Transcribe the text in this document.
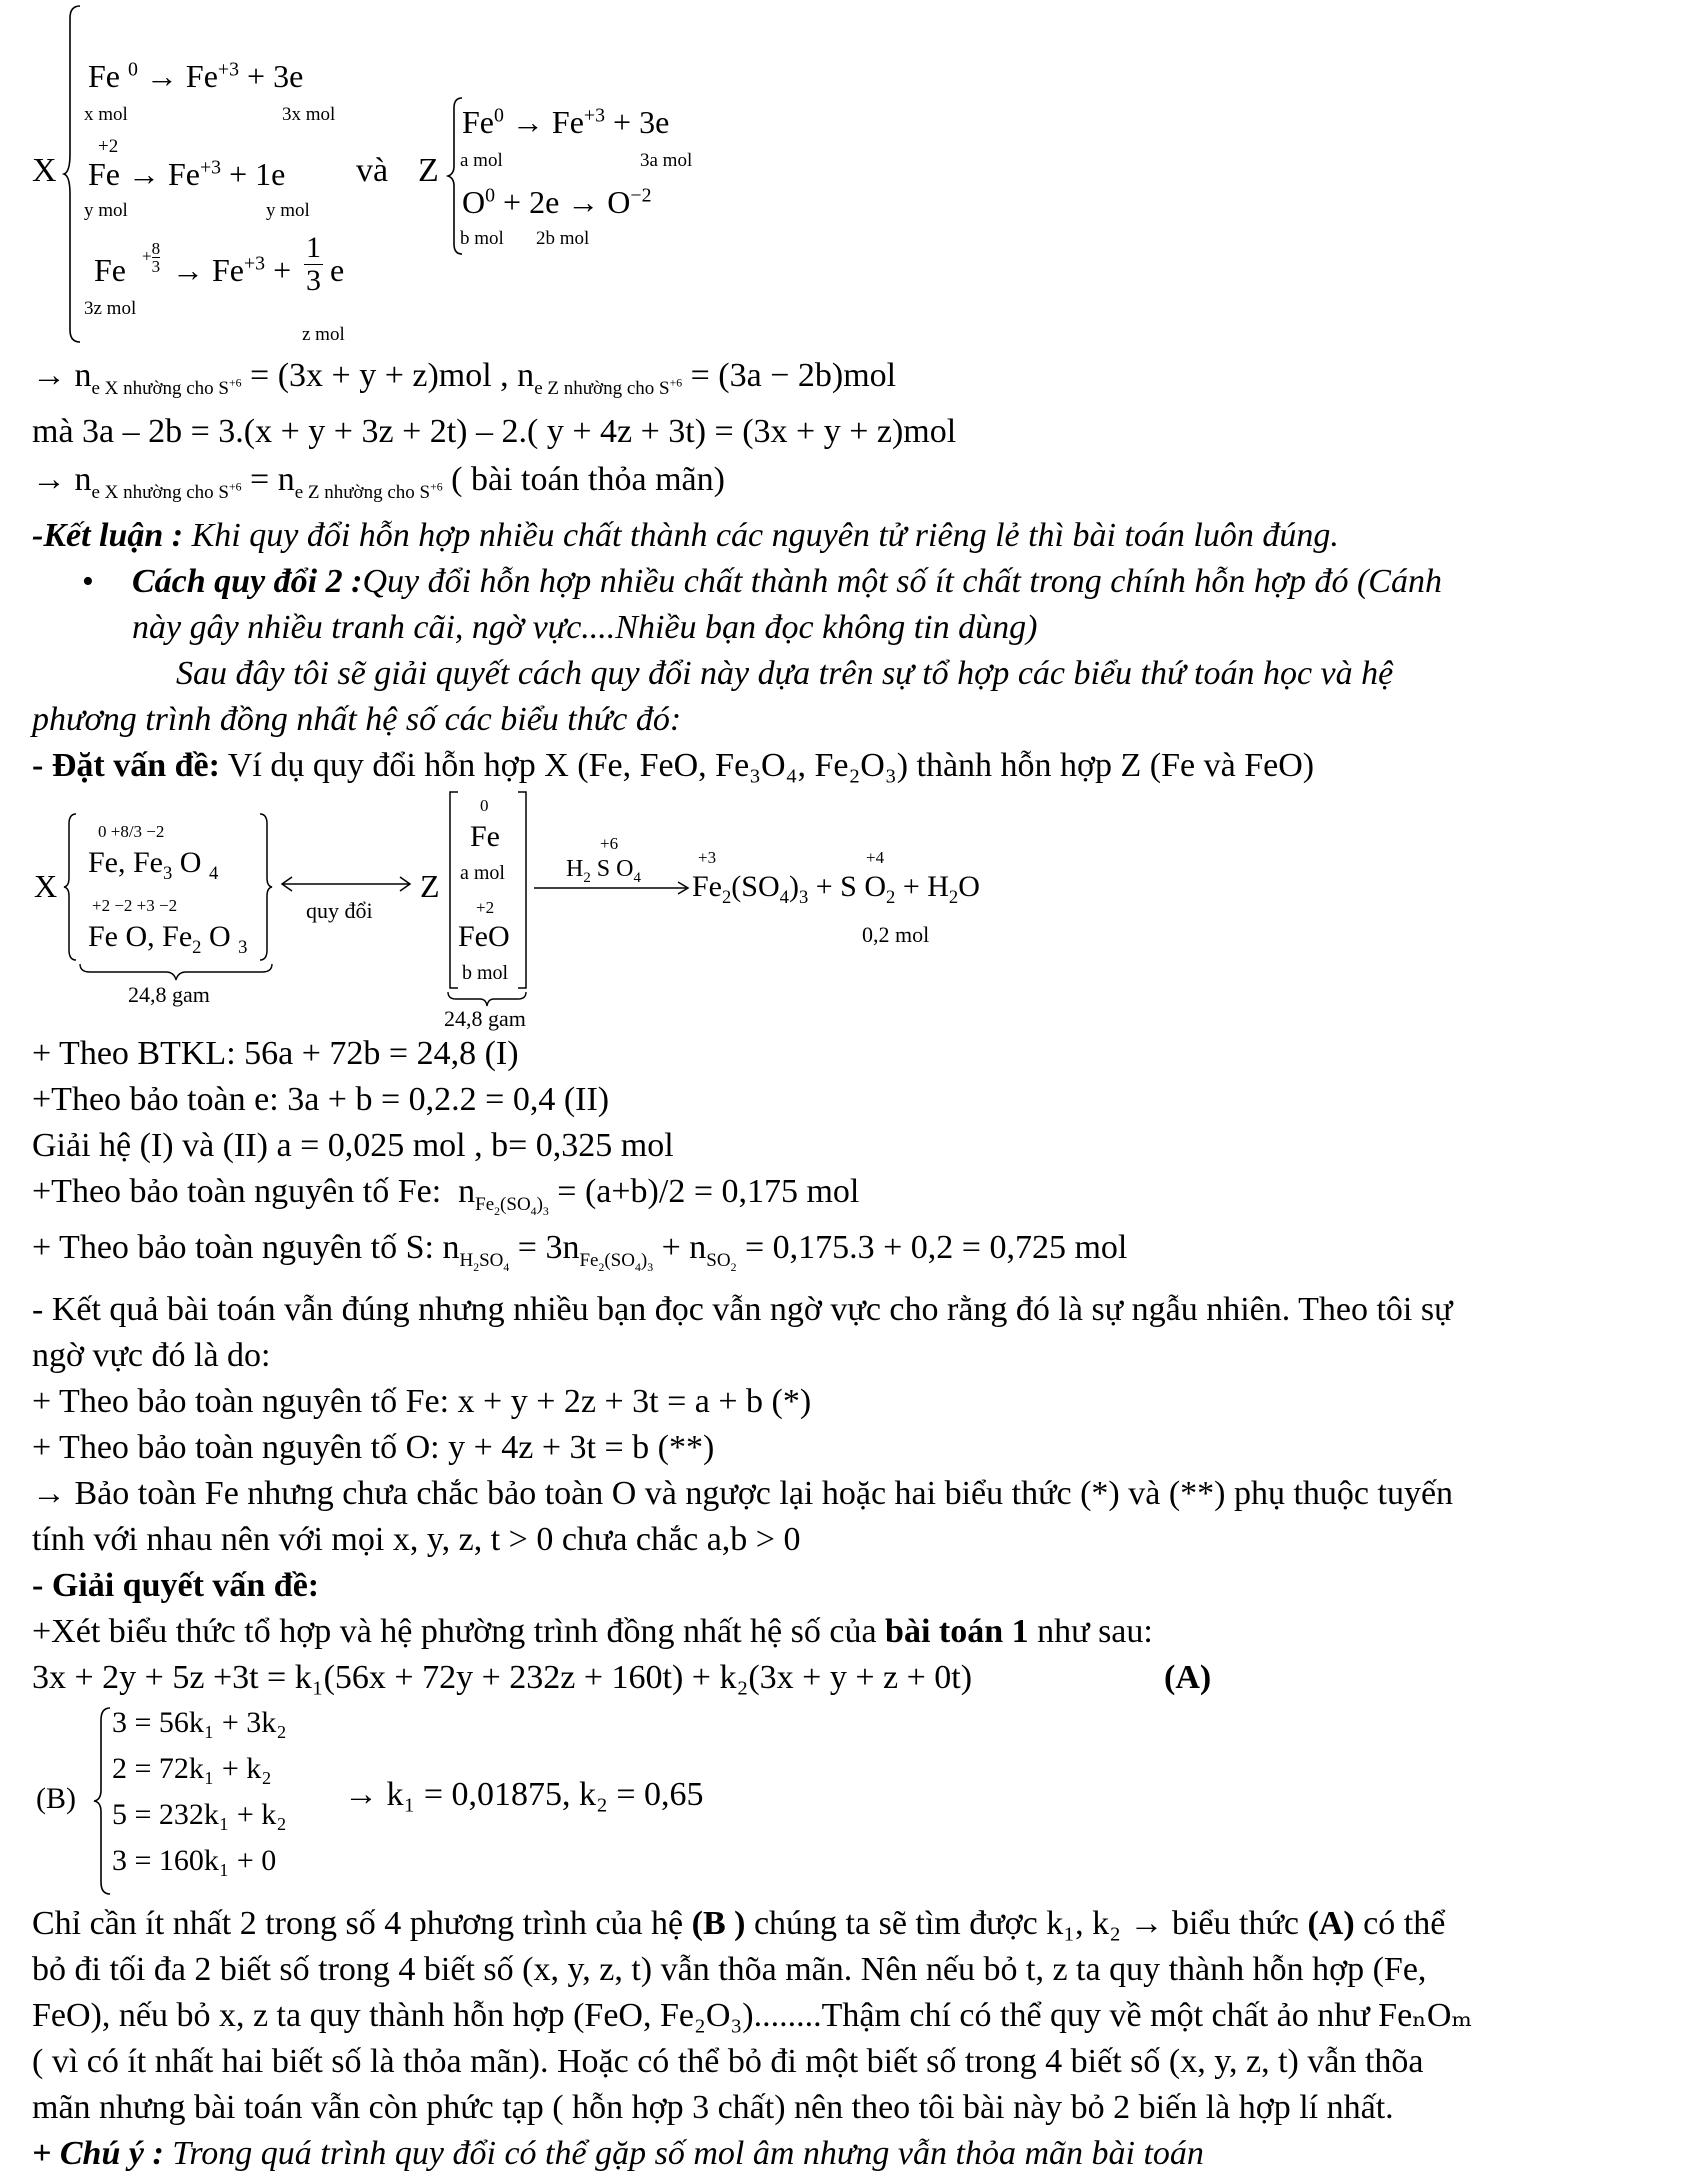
X
Fe $^0 \to Fe^{+3} + 3e$
x mol	3x mol
+2
$Fe \to Fe^{+3} + 1e$
y mol	y mol
$Fe + \frac{8}{3} \to Fe^{+3}$ +
1
3 e
3z mol
z mol
và Z
$Fe^0 \to Fe^{+3} + 3e$
a mol	3a mol
$O^0 + 2e \to O^{-2}$
b mol 2b mol
→ $n_{e X nhường cho S^{+6}} = (3x + y + z)mol$ , $n_{e Z nhường cho S^{+6}} = (3a - 2b)mol$
mà 3a – 2b = 3.(x + y + 3z + 2t) – 2.( y + 4z + 3t) = (3x + y + z)mol
→ $n_{e X nhường cho S^{+6}} = n_{e Z nhường cho S^{+6}}$ ( bài toán thỏa mãn)
-Kết luận : Khi quy đổi hỗn hợp nhiều chất thành các nguyên tử riêng lẻ thì bài toán luôn đúng.
• Cách quy đổi 2 :Quy đổi hỗn hợp nhiều chất thành một số ít chất trong chính hỗn hợp đó (Cánh
này gây nhiều tranh cãi, ngờ vực....Nhiều bạn đọc không tin dùng)
Sau đây tôi sẽ giải quyết cách quy đổi này dựa trên sự tổ hợp các biểu thứ toán học và hệ
phương trình đồng nhất hệ số các biểu thức đó:
- Đặt vấn đề: Ví dụ quy đổi hỗn hợp X (Fe, FeO, Fe₃O₄, Fe₂O₃) thành hỗn hợp Z (Fe và FeO)
X
0 +8/3 −2
Fe, $Fe_3$ O $_4$
+2 −2 +3 −2
Fe O, $Fe_2$ O $_3$
24,8 gam
quy đổi
Z
0
Fe
a mol
+2
FeO
b mol
24,8 gam
+6
$H_2$ S $O_4$
+3	+4
$Fe_2(SO_4)_3 + S$ $O_2 + H_2O$
0,2 mol
+ Theo BTKL: 56a + 72b = 24,8 (I)
+Theo bảo toàn e: 3a + b = 0,2.2 = 0,4 (II)
Giải hệ (I) và (II) a = 0,025 mol , b= 0,325 mol
+Theo bảo toàn nguyên tố Fe:  $n_{Fe_2(SO_4)_3} = (a+b)/2 = 0,175$ mol
+ Theo bảo toàn nguyên tố S: $n_{H_2SO_4} = 3n_{Fe_2(SO_4)_3} + n_{SO_2} = 0,175.3 + 0,2 = 0,725$ mol
- Kết quả bài toán vẫn đúng nhưng nhiều bạn đọc vẫn ngờ vực cho rằng đó là sự ngẫu nhiên. Theo tôi sự
ngờ vực đó là do:
+ Theo bảo toàn nguyên tố Fe: x + y + 2z + 3t = a + b (*)
+ Theo bảo toàn nguyên tố O: y + 4z + 3t = b (**)
→ Bảo toàn Fe nhưng chưa chắc bảo toàn O và ngược lại hoặc hai biểu thức (*) và (**) phụ thuộc tuyến
tính với nhau nên với mọi x, y, z, t > 0 chưa chắc a,b > 0
- Giải quyết vấn đề:
+Xét biểu thức tổ hợp và hệ phường trình đồng nhất hệ số của bài toán 1 như sau:
3x + 2y + 5z +3t = k₁(56x + 72y + 232z + 160t) + k₂(3x + y + z + 0t)	(A)
(B)
3 = 56k₁ + 3k₂
2 = 72k₁ + k₂
5 = 232k₁ + k₂
3 = 160k₁ + 0
→ k₁ = 0,01875, k₂ = 0,65
Chỉ cần ít nhất 2 trong số 4 phương trình của hệ (B ) chúng ta sẽ tìm được k₁, k₂ → biểu thức (A) có thể
bỏ đi tối đa 2 biết số trong 4 biết số (x, y, z, t) vẫn thõa mãn. Nên nếu bỏ t, z ta quy thành hỗn hợp (Fe,
FeO), nếu bỏ x, z ta quy thành hỗn hợp (FeO, Fe₂O₃)........Thậm chí có thể quy về một chất ảo như FeₙOₘ
( vì có ít nhất hai biết số là thỏa mãn). Hoặc có thể bỏ đi một biết số trong 4 biết số (x, y, z, t) vẫn thõa
mãn nhưng bài toán vẫn còn phức tạp ( hỗn hợp 3 chất) nên theo tôi bài này bỏ 2 biến là hợp lí nhất.
+ Chú ý : Trong quá trình quy đổi có thể gặp số mol âm nhưng vẫn thỏa mãn bài toán
